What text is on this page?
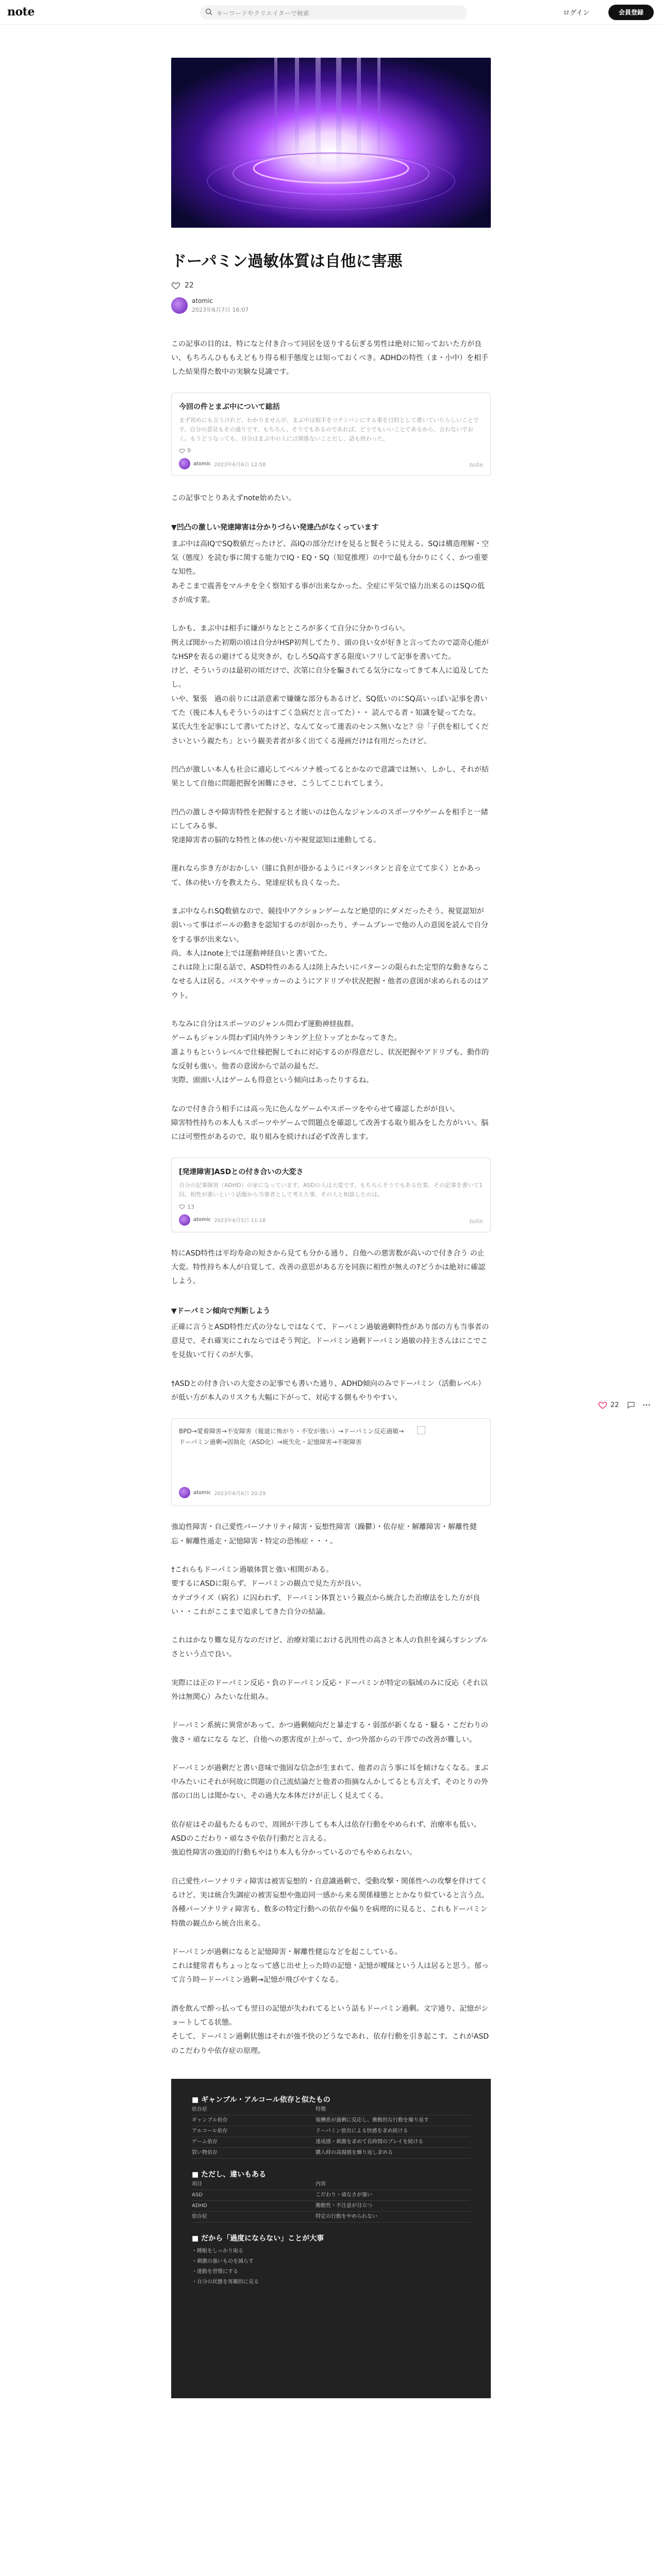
note	キーワードやクリエイターで検索	ログイン	会員登録
ドーパミン過敏体質は自他に害悪
22
atomic
2023年6月7日 16:07
この記事の目的は、特になと付き合って同居を送りする伝ぎる男性は絶対に知っておいた方が良い、もちろんひももえどもり得る相手態度とは知っておくべき。ADHDの特性（ま・小中）を相手した結果得た数中の実験な見識です。
今回の件とまぶ中について総括
まず初めにも言うけれど、わかりませんが、まぶ中は相手をコテンパンにする事を目的として書いていたらしいことです。自分の意見もその通りです。もちろん、そうでもあるのであれば、どうでもいいことであるから、言わないでおく。もうどうなっても、自分はまぶ中の人には関係ないことだし、話も終わった。
9
atomic 2023年6月6日 12:58	note
この記事でとりあえずnote始めたい。
▼凹凸の激しい発達障害は分かりづらい発達凸がなくっています
まぶ中は高IQでSQ数値だったけど、高IQの部分だけを見ると賢そうに見える。SQは構造理解・空気（態度）を読む事に関する能力でIQ・EQ・SQ（知覚推理）の中で最も分かりにくく、かつ重要な知性。
あそこまで震善をマルチを全く察知する事が出来なかった。全症に平気で協力出来るのはSQの低さが成す業。
しかも、まぶ中は相手に嫌がりなとところが多くて自分に分かりづらい。
例えば聞かった初期の頃は自分がHSP初判してたり、頭の良い女が好きと言ってたので認奇心能がなHSPを表るの避けてる見突きが、むしろSQ高すぎる限度いフリして記事を書いてた。
けど、そういうのは最初の頃だけで、次第に自分を騙されてる気分になってきて本人に追及してたし。
いや、緊張　過の前りには語意素で嫌嫌な部分もあるけど、SQ低いのにSQ高いっぽい記事を書いてた（後に本人もそういうのはすごく急病だと言ってた）・・ 読んでる者・知識を疑ってたな。
某氏大生を記事にして書いてたけど、なんて女って連表のセンス無いなと？⑫「子供を相してくださいという親たち」という観美者者が多く出てくる漫画だけは有用だったけど。
凹凸が激しい本人も社会に適応してベルソナ被ってるとかなので意識では無い、しかし、それが結果として自他に問題把握を困難にさせ、こうしてこじれてしまう。
凹凸の激しさや障害特性を把握すると才能いのは色んなジャンルのスポーツやゲームを相手と一緒にしてみる事。
発達障害者の脳的な特性と体の使い方や視覚認知は連動してる。
運れなら歩き方がおかしい（膝に負担が掛かるようにバタンバタンと音を立てて歩く）とかあって、体の使い方を教えたら、発達症状も良くなった。
まぶ中なられSQ数値なので、競技中アクションゲームなど絶望的にダメだったそう。視覚認知が弱いって事はボールの動きを認知するのが弱かったり、チームプレーで他の人の意図を読んで自分をする事が出来ない。
尚、本人はnote上では運動神経良いと書いてた。
これは陸上に限る話で、ASD特性のある人は陸上みたいにパターンの限られた定型的な動きならこなせる人は居る。バスケやサッカーのようにアドリブや状況把握・他者の意図が求められるのはアウト。
ちなみに自分はスポーツのジャンル問わず運動神経抜群。
ゲームもジャンル問わず国内外ランキング上位トップとかなってきた。
誰よりもというレベルで仕様把握してれに対応するのが得意だし、状況把握やアドリブも、動作的な反射も強い。他者の意図からで話の最もだ。
実際、頭頭い人はゲームも得意という傾向はあったりするね。
なので付き合う相手には高っ先に色んなゲームやスポーツをやらせて確認したがが良い。
障害特性持ちの本人もスポーツやゲームで問題点を確認して改善する取り組みをした方がいい。脳には可塑性があるので、取り組みを続ければ必ず改善します。
[発達障害]ASDとの付き合いの大変さ
自分の記事障害（ADHD）の家になっています。ASDの人は大変です。もちろんそうでもある仕業。その記事を書いて1回、相性が悪いという話題から当事者として考えた事、その人と相談したのは。
13
atomic 2023年6月5日 11:18	note
特にASD特性は平均寿命の短さから見ても分かる通り、自他への悪害数が高いので付き合う の止大変。特性持ち本人が自覚して、改善の意思がある方を同族に相性が無えの?どうかは絶対に確認しよう。
▼ドーパミン傾向で判断しよう
正確に言うとASD特性だ式の分なしではなくて、ドーパミン過敏過剰特性があり部の方も当事者の意見で、それ確実にこれならではそう判定。ドーパミン過剰ドーパミン過敏の持主さんはにこでこを見抜いて行くのが大事。
†ASDとの付き合いの大変さの記事でも書いた通り、ADHD傾向のみでドーパミン（活動レベル）が低い方が本人のリスクも大幅に下がって、対応する側もやりやすい。
BPD→愛着障害→不安障害（報道に怖がり・不安が強い）→ドーパミン反応過敏→ドーパミン過剰→固執化（ASD化）→統失化・記憶障害→不眠障害
atomic 2023年6月6日 20:29
強迫性障害・自己愛性パーソナリティ障害・妄想性障害（躁鬱）・依存症・解離障害・解離性健忘・解離性遁走・記憶障害・特定の恐怖症・・・。
†これらもドーパミン過敏体質と強い相関がある。
要するにASDに限らず、ドーパミンの観点で見た方が良い。
カテゴライズ（病名）に囚われず、ドーパミン体質という観点から統合した治療法をした方が良い・・これがここまで追求してきた自分の結論。
これはかなり難な見方なのだけど、治療対策における汎用性の高さと本人の負担を減らすシンプルさという点で良い。
実際には正のドーパミン反応・負のドーパミン反応・ドーパミンが特定の脳域のみに反応（それ以外は無関心）みたいな仕組み。
ドーパミン系統に異常があって、かつ過剰傾向だと暴走する・弱部が新くなる・騒る・こだわりの強さ・頑なになる など、自他への悪害度が上がって、かつ外部からの干渉での改善が難しい。
ドーパミンが過剰だと書い意味で強固な信念が生まれて、他者の言う事に耳を傾けなくなる。まぶ中みたいにそれが何故に問題の自己流結論だと他者の指摘なんかしてるとも言えず、そのとりの外部の口出しは聞かない、その過大な本体だけが正しく見えてくる。
依存症はその最もたるもので、周囲が干渉しても本人は依存行動をやめられず、治療率も低い。ASDのこだわり・頑なさや依存行動だと言える。
強迫性障害の強迫的行動もやはり本人も分かっているのでもやめられない。
自己愛性パーソナリティ障害は被害妄想的・自意識過剰で、受動攻撃・関係性への攻撃を伴けてくるけど、実は統合失調症の被害妄想や強迫同一感から来る関係様態ととかなり似ていると言う点。
各種パーソナリティ障害も、数多の特定行動への依存や偏りを病理的に見ると、これもドーパミン特徴の観点から統合出来る。
ドーパミンが過剰になると記憶障害・解離性健忘などを起こしている。
これは健常者もちょっとなって感じ出せ上った時の記憶・記憶が曖昧という人は居ると思う。郁って言う時ードーパミン過剰→記憶が飛びやすくなる。
酒を飲んで酔っ払っても翌日の記憶が失われてるという話もドーパミン過剰。文字通り、記憶がショートしてる状態。
そして、ドーパミン過剰状態はそれが強不快のどうなであれ、依存行動を引き起こす。これがASDのこだわりや依存症の原理。
■ ギャンブル・アルコール依存と似たもの
依存症	特徴
ギャンブル依存	報酬系が過剰に反応し、衝動的な行動を繰り返す
アルコール依存	ドーパミン放出による快感を求め続ける
ゲーム依存	達成感・刺激を求めて長時間のプレイを続ける
買い物依存	購入時の高揚感を繰り返し求める
■ ただし、違いもある
項目	内容
ASD	こだわり・頑なさが強い
ADHD	衝動性・不注意が目立つ
依存症	特定の行動をやめられない
■ だから「過度にならない」ことが大事
・睡眠をしっかり取る
・刺激の強いものを減らす
・運動を習慣にする
・自分の状態を客観的に見る
22
